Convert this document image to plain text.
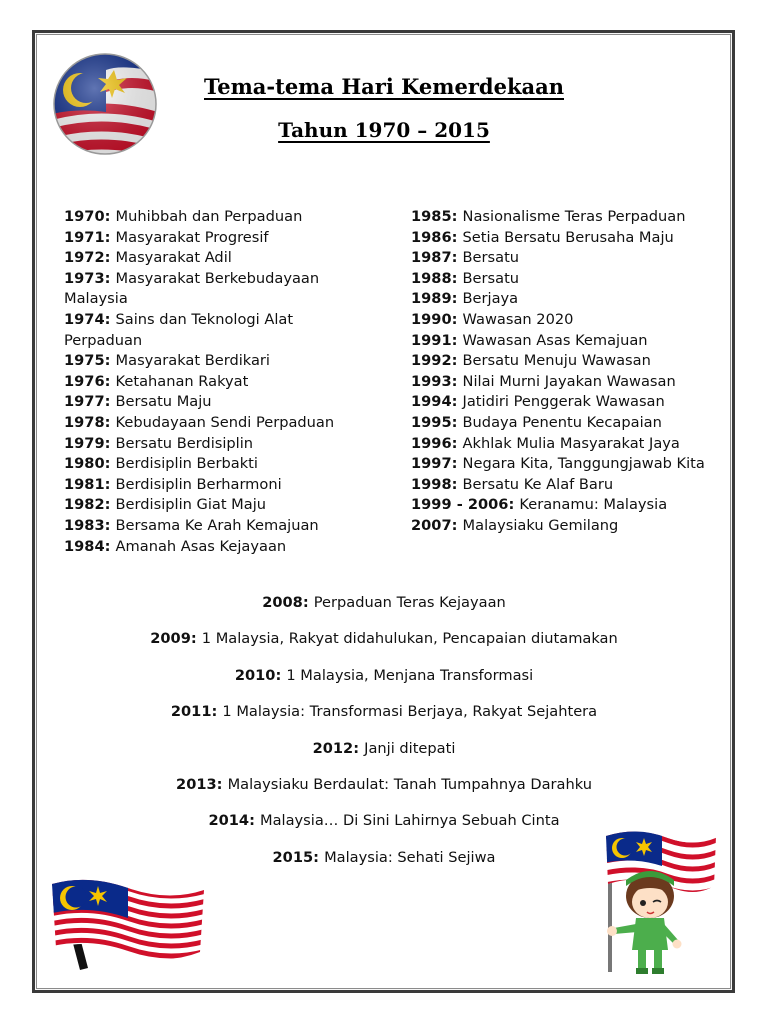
Tema-tema Hari Kemerdekaan
Tahun 1970 – 2015
1970: Muhibbah dan Perpaduan
1971: Masyarakat Progresif
1972: Masyarakat Adil
1973: Masyarakat Berkebudayaan Malaysia
1974: Sains dan Teknologi Alat Perpaduan
1975: Masyarakat Berdikari
1976: Ketahanan Rakyat
1977: Bersatu Maju
1978: Kebudayaan Sendi Perpaduan
1979: Bersatu Berdisiplin
1980: Berdisiplin Berbakti
1981: Berdisiplin Berharmoni
1982: Berdisiplin Giat Maju
1983: Bersama Ke Arah Kemajuan
1984: Amanah Asas Kejayaan
1985: Nasionalisme Teras Perpaduan
1986: Setia Bersatu Berusaha Maju
1987: Bersatu
1988: Bersatu
1989: Berjaya
1990: Wawasan 2020
1991: Wawasan Asas Kemajuan
1992: Bersatu Menuju Wawasan
1993: Nilai Murni Jayakan Wawasan
1994: Jatidiri Penggerak Wawasan
1995: Budaya Penentu Kecapaian
1996: Akhlak Mulia Masyarakat Jaya
1997: Negara Kita, Tanggungjawab Kita
1998: Bersatu Ke Alaf Baru
1999 - 2006: Keranamu: Malaysia
2007: Malaysiaku Gemilang
2008: Perpaduan Teras Kejayaan
2009: 1 Malaysia, Rakyat didahulukan, Pencapaian diutamakan
2010: 1 Malaysia, Menjana Transformasi
2011: 1 Malaysia: Transformasi Berjaya, Rakyat Sejahtera
2012: Janji ditepati
2013: Malaysiaku Berdaulat: Tanah Tumpahnya Darahku
2014: Malaysia… Di Sini Lahirnya Sebuah Cinta
2015: Malaysia: Sehati Sejiwa
